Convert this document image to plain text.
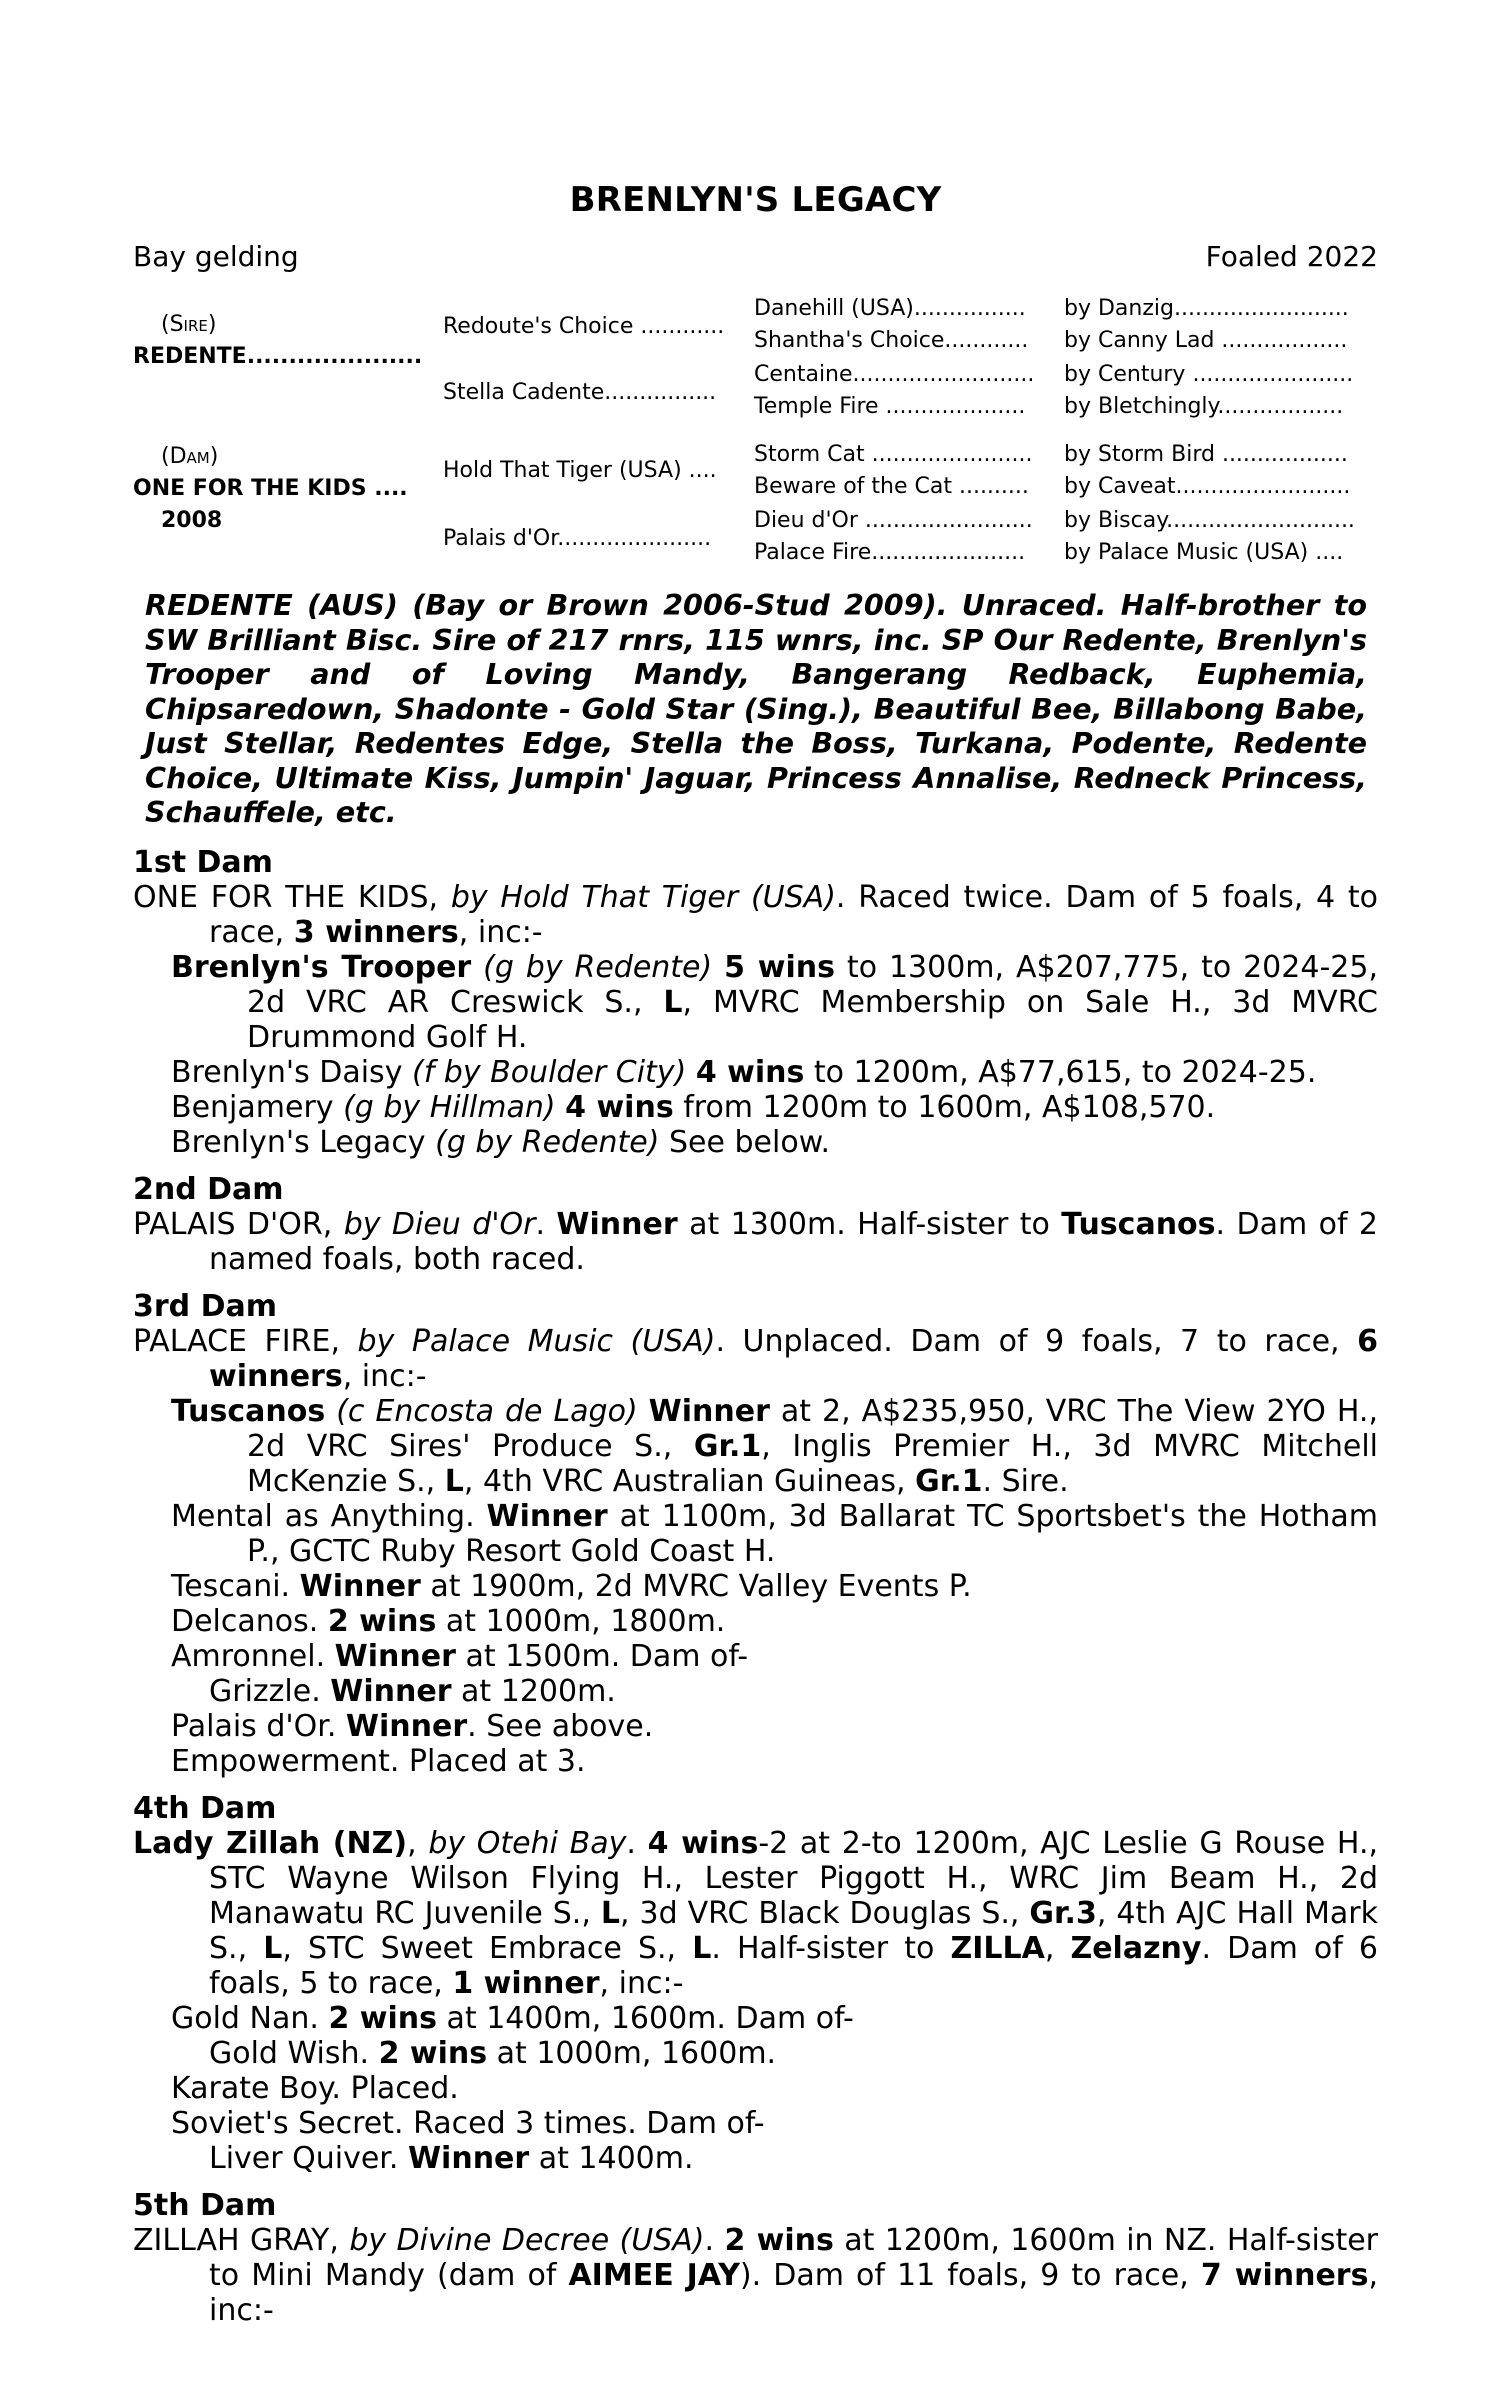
BRENLYN'S LEGACY
Bay gelding	Foaled 2022
(Sire)
REDENTE.....................
(Dam)
ONE FOR THE KIDS ....
2008
Redoute's Choice ............
Stella Cadente................
Hold That Tiger (USA) ....
Palais d'Or......................
Danehill (USA)................
Shantha's Choice............
Centaine..........................
Temple Fire ....................
Storm Cat .......................
Beware of the Cat ..........
Dieu d'Or ........................
Palace Fire......................
by Danzig.........................
by Canny Lad ..................
by Century .......................
by Bletchingly..................
by Storm Bird ..................
by Caveat.........................
by Biscay...........................
by Palace Music (USA) ....

REDENTE (AUS) (Bay or Brown 2006-Stud 2009). Unraced. Half-brother to SW Brilliant Bisc. Sire of 217 rnrs, 115 wnrs, inc. SP Our Redente, Brenlyn's Trooper and of Loving Mandy, Bangerang Redback, Euphemia, Chipsaredown, Shadonte - Gold Star (Sing.), Beautiful Bee, Billabong Babe, Just Stellar, Redentes Edge, Stella the Boss, Turkana, Podente, Redente Choice, Ultimate Kiss, Jumpin' Jaguar, Princess Annalise, Redneck Princess, Schauffele, etc.

1st Dam

ONE FOR THE KIDS, by Hold That Tiger (USA). Raced twice. Dam of 5 foals, 4 to race, 3 winners, inc:-

Brenlyn's Trooper (g by Redente) 5 wins to 1300m, A$207,775, to 2024-25, 2d VRC AR Creswick S., L, MVRC Membership on Sale H., 3d MVRC Drummond Golf H.

Brenlyn's Daisy (f by Boulder City) 4 wins to 1200m, A$77,615, to 2024-25.

Benjamery (g by Hillman) 4 wins from 1200m to 1600m, A$108,570.

Brenlyn's Legacy (g by Redente) See below.

2nd Dam

PALAIS D'OR, by Dieu d'Or. Winner at 1300m. Half-sister to Tuscanos. Dam of 2 named foals, both raced.

3rd Dam

PALACE FIRE, by Palace Music (USA). Unplaced. Dam of 9 foals, 7 to race, 6 winners, inc:-

Tuscanos (c Encosta de Lago) Winner at 2, A$235,950, VRC The View 2YO H., 2d VRC Sires' Produce S., Gr.1, Inglis Premier H., 3d MVRC Mitchell McKenzie S., L, 4th VRC Australian Guineas, Gr.1. Sire.

Mental as Anything. Winner at 1100m, 3d Ballarat TC Sportsbet's the Hotham P., GCTC Ruby Resort Gold Coast H.

Tescani. Winner at 1900m, 2d MVRC Valley Events P.

Delcanos. 2 wins at 1000m, 1800m.

Amronnel. Winner at 1500m. Dam of-

Grizzle. Winner at 1200m.

Palais d'Or. Winner. See above.

Empowerment. Placed at 3.

4th Dam

Lady Zillah (NZ), by Otehi Bay. 4 wins-2 at 2-to 1200m, AJC Leslie G Rouse H., STC Wayne Wilson Flying H., Lester Piggott H., WRC Jim Beam H., 2d Manawatu RC Juvenile S., L, 3d VRC Black Douglas S., Gr.3, 4th AJC Hall Mark S., L, STC Sweet Embrace S., L. Half-sister to ZILLA, Zelazny. Dam of 6 foals, 5 to race, 1 winner, inc:-

Gold Nan. 2 wins at 1400m, 1600m. Dam of-

Gold Wish. 2 wins at 1000m, 1600m.

Karate Boy. Placed.

Soviet's Secret. Raced 3 times. Dam of-

Liver Quiver. Winner at 1400m.

5th Dam

ZILLAH GRAY, by Divine Decree (USA). 2 wins at 1200m, 1600m in NZ. Half-sister to Mini Mandy (dam of AIMEE JAY). Dam of 11 foals, 9 to race, 7 winners, inc:-
